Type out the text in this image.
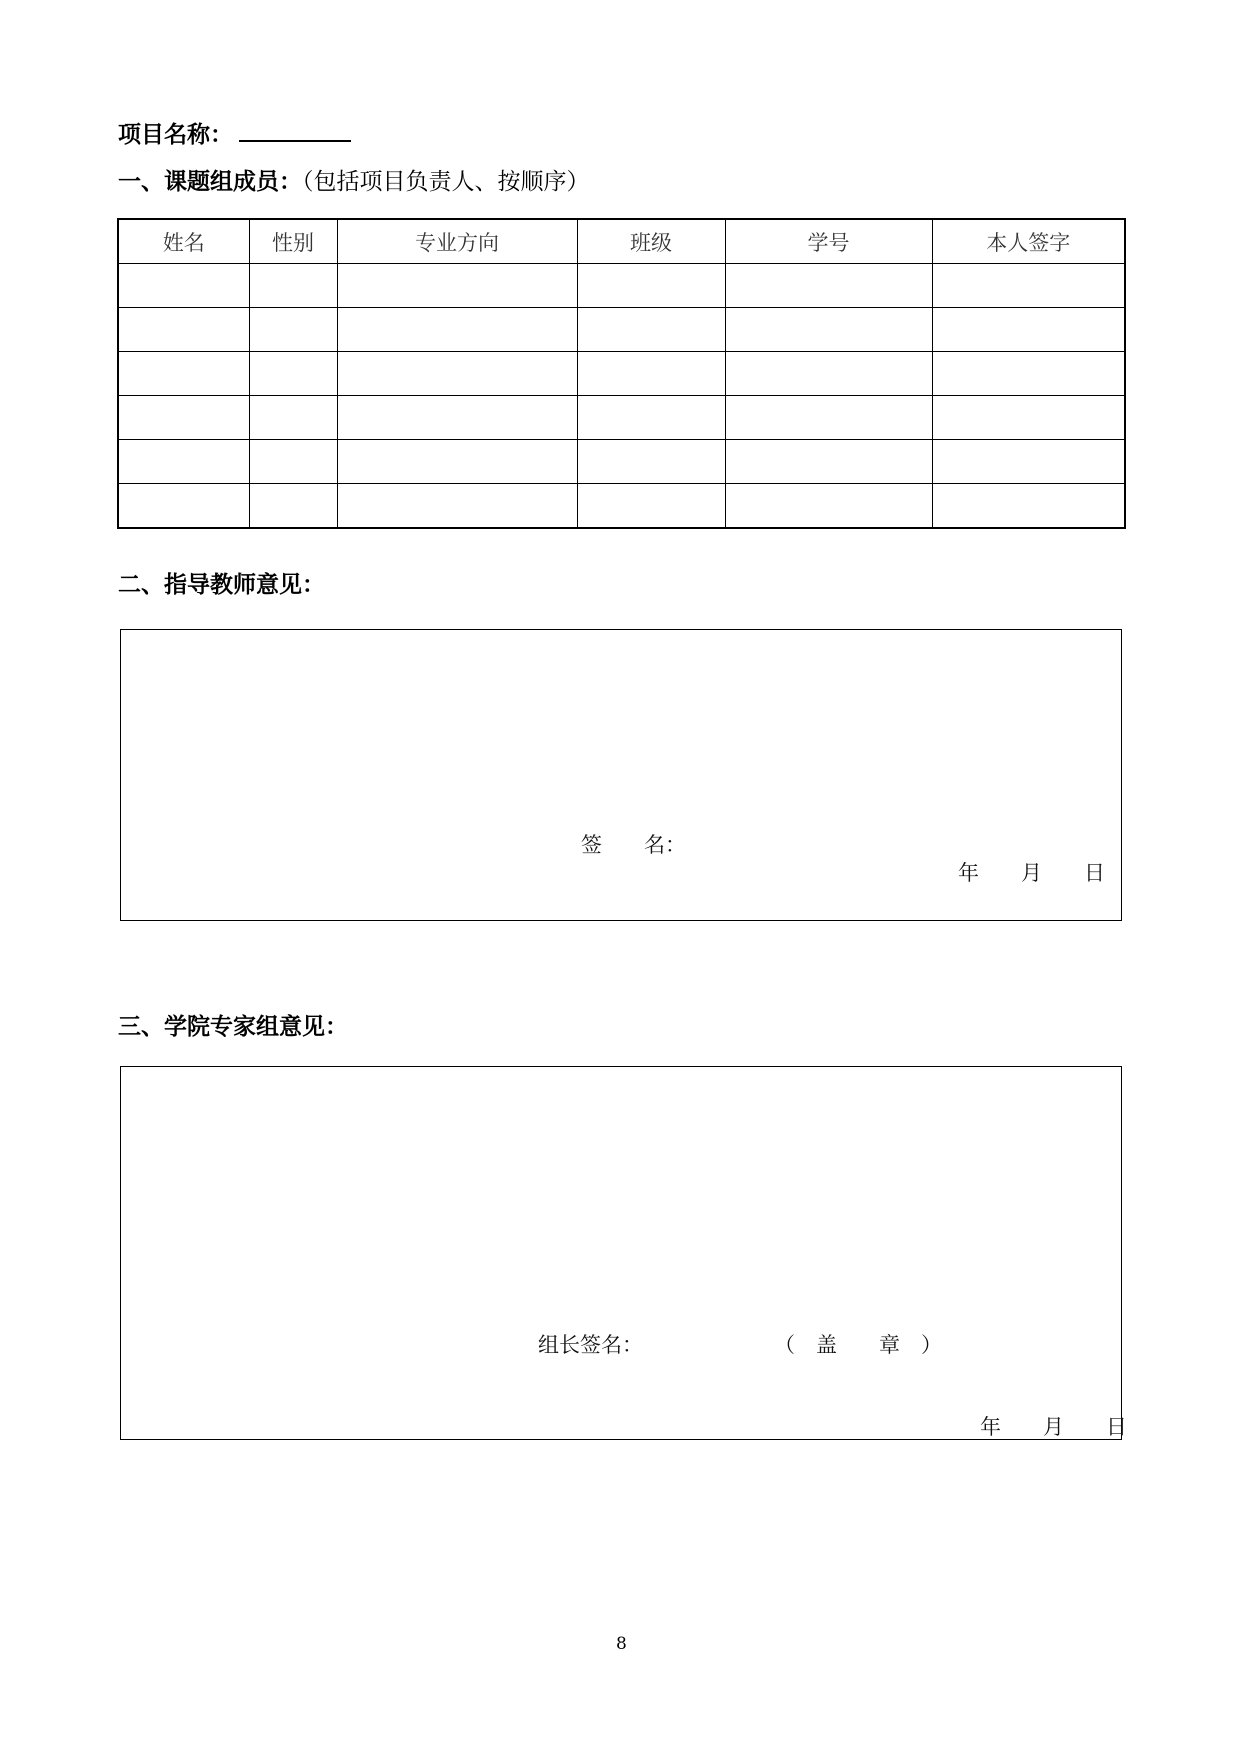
项目名称：
一、课题组成员：（包括项目负责人、按顺序）
姓名	性别	专业方向	班级	学号	本人签字

二、指导教师意见：
签　　名：
年　　月　　日
三、学院专家组意见：
组长签名：	（　盖　　章　）
年　　月　　日
8
